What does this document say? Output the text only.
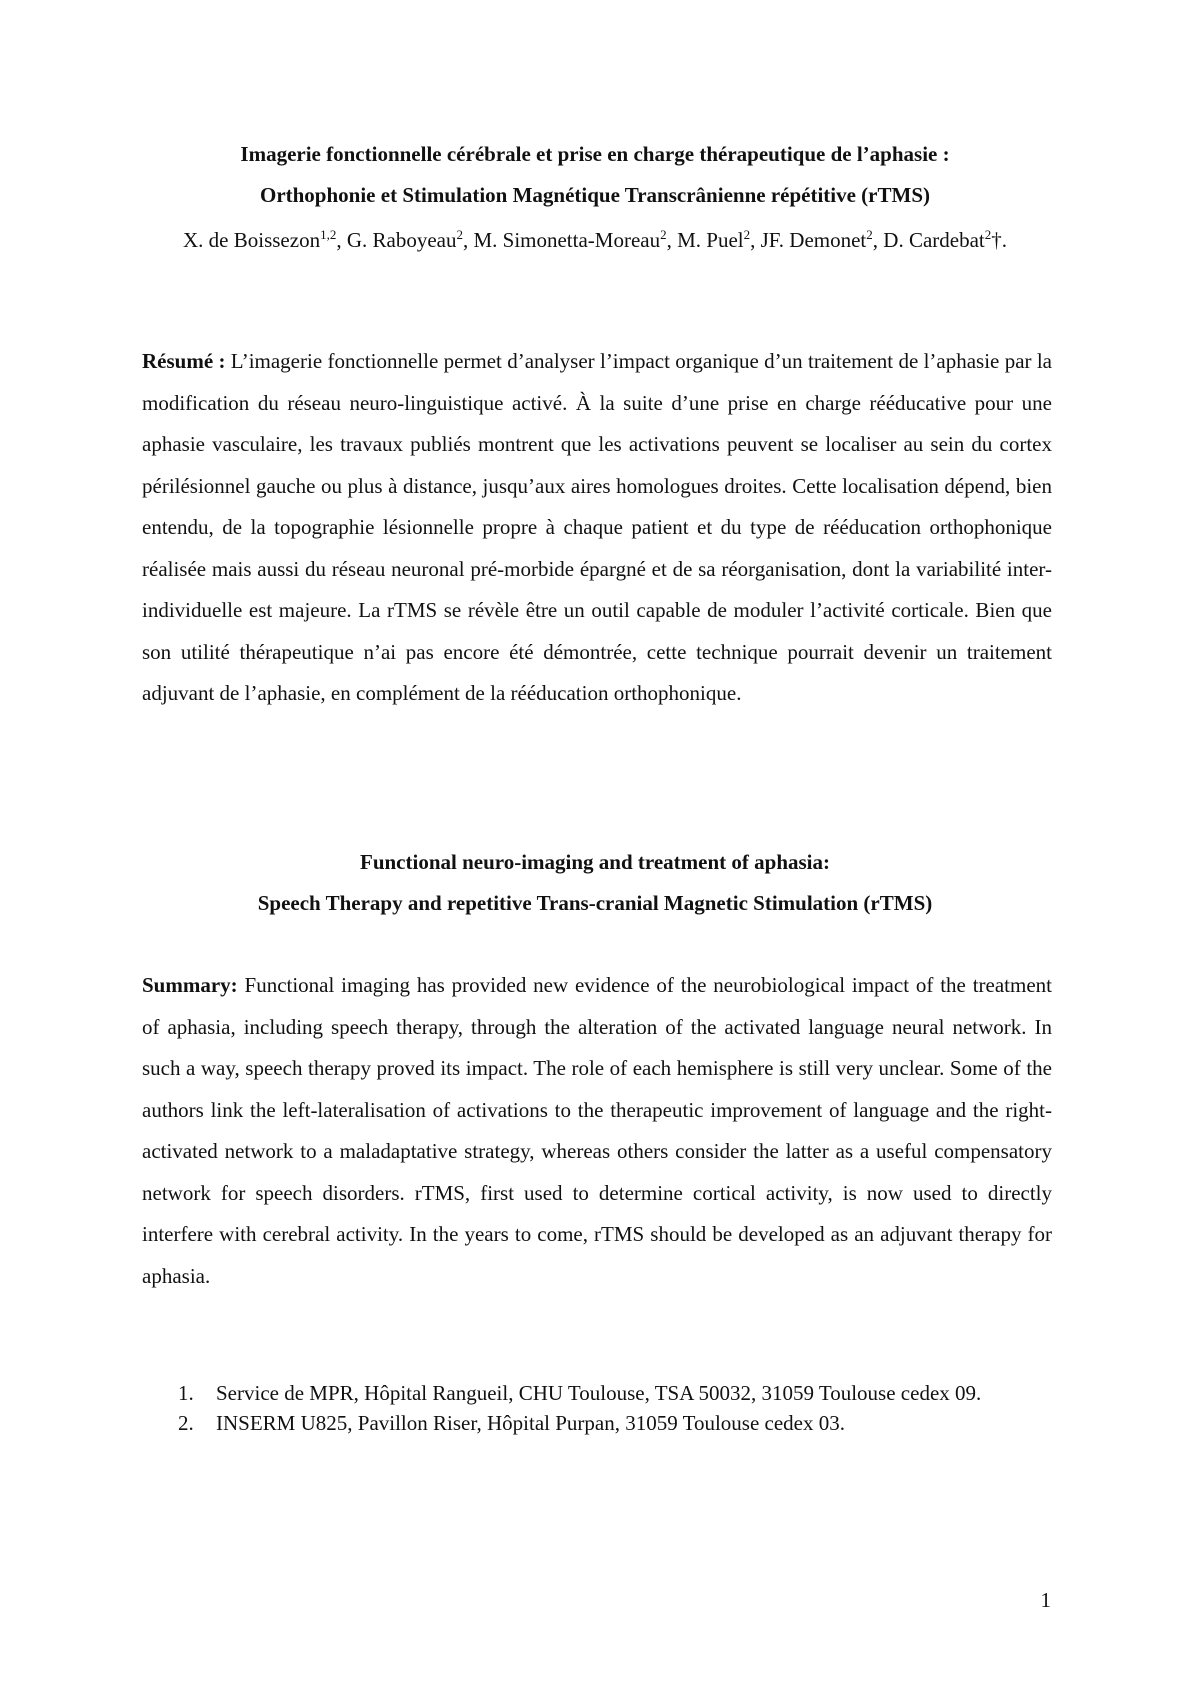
Imagerie fonctionnelle cérébrale et prise en charge thérapeutique de l’aphasie :
Orthophonie et Stimulation Magnétique Transcrânienne répétitive (rTMS)
X. de Boissezon$^{1,2}$, G. Raboyeau$^2$, M. Simonetta-Moreau$^2$, M. Puel$^2$, JF. Demonet$^2$, D. Cardebat$^2$†.
Résumé : L’imagerie fonctionnelle permet d’analyser l’impact organique d’un traitement de l’aphasie par la modification du réseau neuro-linguistique activé. À la suite d’une prise en charge rééducative pour une aphasie vasculaire, les travaux publiés montrent que les activations peuvent se localiser au sein du cortex périlésionnel gauche ou plus à distance, jusqu’aux aires homologues droites. Cette localisation dépend, bien entendu, de la topographie lésionnelle propre à chaque patient et du type de rééducation orthophonique réalisée mais aussi du réseau neuronal pré-morbide épargné et de sa réorganisation, dont la variabilité inter-individuelle est majeure. La rTMS se révèle être un outil capable de moduler l’activité corticale. Bien que son utilité thérapeutique n’ai pas encore été démontrée, cette technique pourrait devenir un traitement adjuvant de l’aphasie, en complément de la rééducation orthophonique.
Functional neuro-imaging and treatment of aphasia:
Speech Therapy and repetitive Trans-cranial Magnetic Stimulation (rTMS)
Summary: Functional imaging has provided new evidence of the neurobiological impact of the treatment of aphasia, including speech therapy, through the alteration of the activated language neural network. In such a way, speech therapy proved its impact. The role of each hemisphere is still very unclear. Some of the authors link the left-lateralisation of activations to the therapeutic improvement of language and the right-activated network to a maladaptative strategy, whereas others consider the latter as a useful compensatory network for speech disorders. rTMS, first used to determine cortical activity, is now used to directly interfere with cerebral activity. In the years to come, rTMS should be developed as an adjuvant therapy for aphasia.
1. Service de MPR, Hôpital Rangueil, CHU Toulouse, TSA 50032, 31059 Toulouse cedex 09.
2. INSERM U825, Pavillon Riser, Hôpital Purpan, 31059 Toulouse cedex 03.
1
